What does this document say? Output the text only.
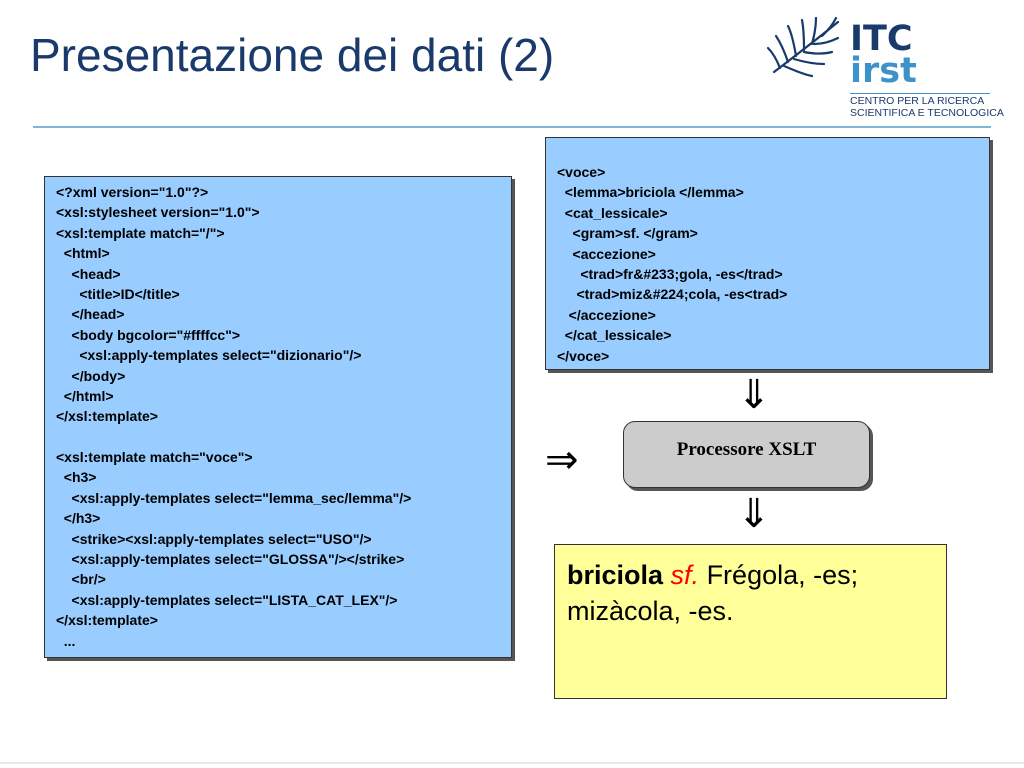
Presentazione dei dati (2)	ITC
irst
CENTRO PER LA RICERCA
SCIENTIFICA E TECNOLOGICA
<?xml version="1.0"?>
<xsl:stylesheet version="1.0">
<xsl:template match="/">
<html>
<head>
<title>ID</title>
</head>
<body bgcolor="#ffffcc">
<xsl:apply-templates select="dizionario"/>
</body>
</html>
</xsl:template>
<xsl:template match="voce">
<h3>
<xsl:apply-templates select="lemma_sec/lemma"/>
</h3>
<strike><xsl:apply-templates select="USO"/>
<xsl:apply-templates select="GLOSSA"/></strike>
<br/>
<xsl:apply-templates select="LISTA_CAT_LEX"/>
</xsl:template>
...
<voce>
<lemma>briciola </lemma>
<cat_lessicale>
<gram>sf. </gram>
<accezione>
<trad>fr&#233;gola, -es</trad>
<trad>miz&#224;cola, -es<trad>
</accezione>
</cat_lessicale>
</voce>
⇓
⇒	Processore XSLT
⇓
briciola sf. Frégola, -es;
mizàcola, -es.
